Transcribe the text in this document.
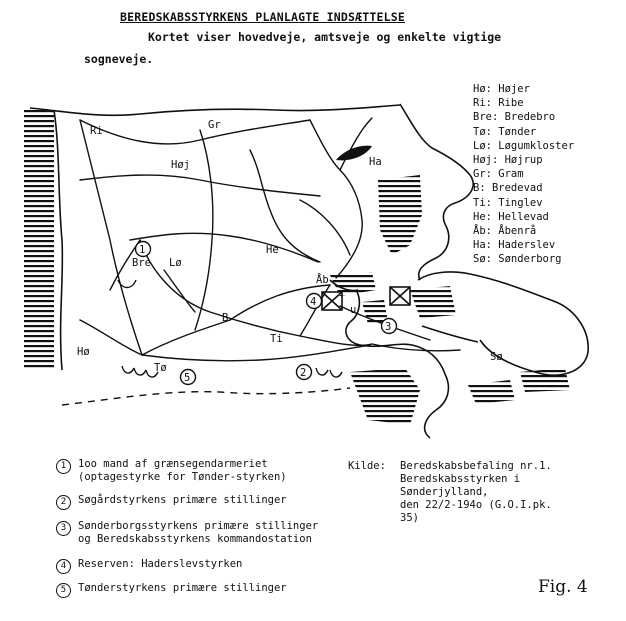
BEREDSKABSSTYRKENS PLANLAGTE INDSÆTTELSE
Kortet viser hovedveje, amtsveje og enkelte vigtige
sogneveje.
1
2
3
4
5
Ri	Gr
Høj	Ha
Bre Lø
He
Åb
B
Ti
Hø
Tø
Sø
u
Hø: Højer
Ri: Ribe
Bre: Bredebro
Tø: Tønder
Lø: Løgumkloster
Høj: Højrup
Gr: Gram
B: Bredevad
Ti: Tinglev
He: Hellevad
Åb: Åbenrå
Ha: Haderslev
Sø: Sønderborg
1	1oo mand af grænsegendarmeriet
(optagestyrke for Tønder-styrken)
2	Søgårdstyrkens primære stillinger
3	Sønderborgsstyrkens primære stillinger
og Beredskabsstyrkens kommandostation
4	Reserven: Haderslevstyrken
5	Tønderstyrkens primære stillinger
Kilde: Beredskabsbefaling nr.1.
Beredskabsstyrken i
Sønderjylland,
den 22/2-194o (G.O.I.pk.
35)
Fig. 4
